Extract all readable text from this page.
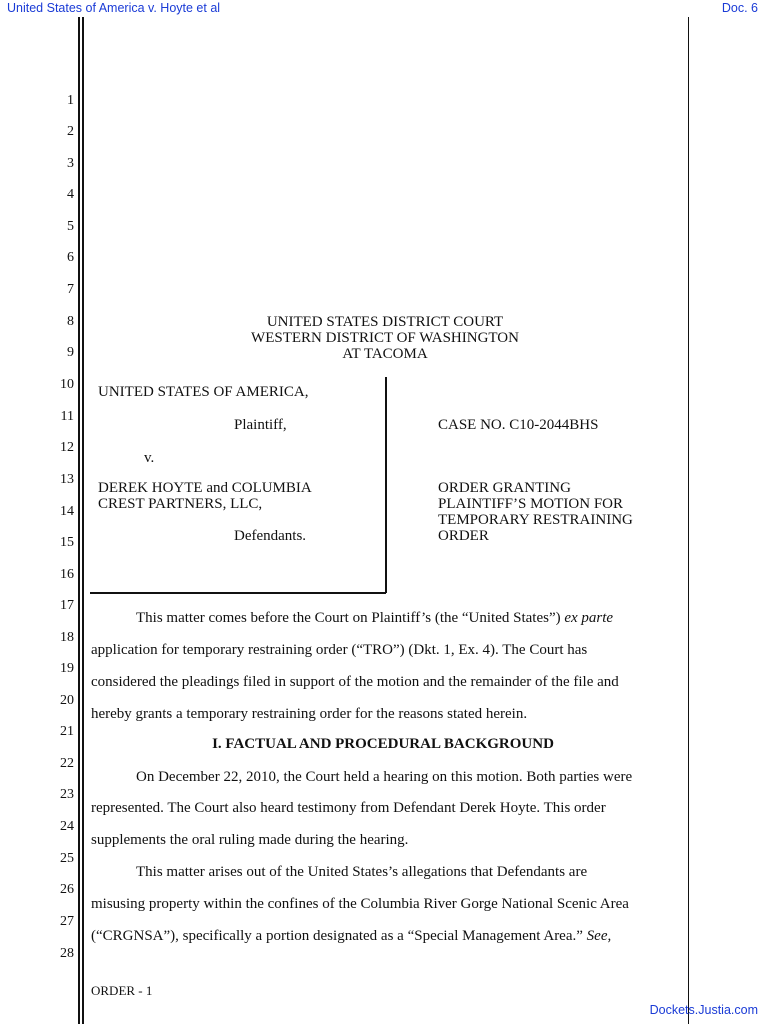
United States of America v. Hoyte et al	Doc. 6
1
2
3
4
5
6
7
8
9
10
11
12
13
14
15
16
17
18
19
20
21
22
23
24
25
26
27
28
UNITED STATES DISTRICT COURT
WESTERN DISTRICT OF WASHINGTON
AT TACOMA
UNITED STATES OF AMERICA,
Plaintiff,
v.
DEREK HOYTE and COLUMBIA
CREST PARTNERS, LLC,
Defendants.
CASE NO. C10-2044BHS
ORDER GRANTING
PLAINTIFF’S MOTION FOR
TEMPORARY RESTRAINING
ORDER
This matter comes before the Court on Plaintiff’s (the “United States”) ex parte
application for temporary restraining order (“TRO”) (Dkt. 1, Ex. 4). The Court has
considered the pleadings filed in support of the motion and the remainder of the file and
hereby grants a temporary restraining order for the reasons stated herein.
I. FACTUAL AND PROCEDURAL BACKGROUND
On December 22, 2010, the Court held a hearing on this motion. Both parties were
represented. The Court also heard testimony from Defendant Derek Hoyte. This order
supplements the oral ruling made during the hearing.
This matter arises out of the United States’s allegations that Defendants are
misusing property within the confines of the Columbia River Gorge National Scenic Area
(“CRGNSA”), specifically a portion designated as a “Special Management Area.” See,
ORDER - 1
Dockets.Justia.com
